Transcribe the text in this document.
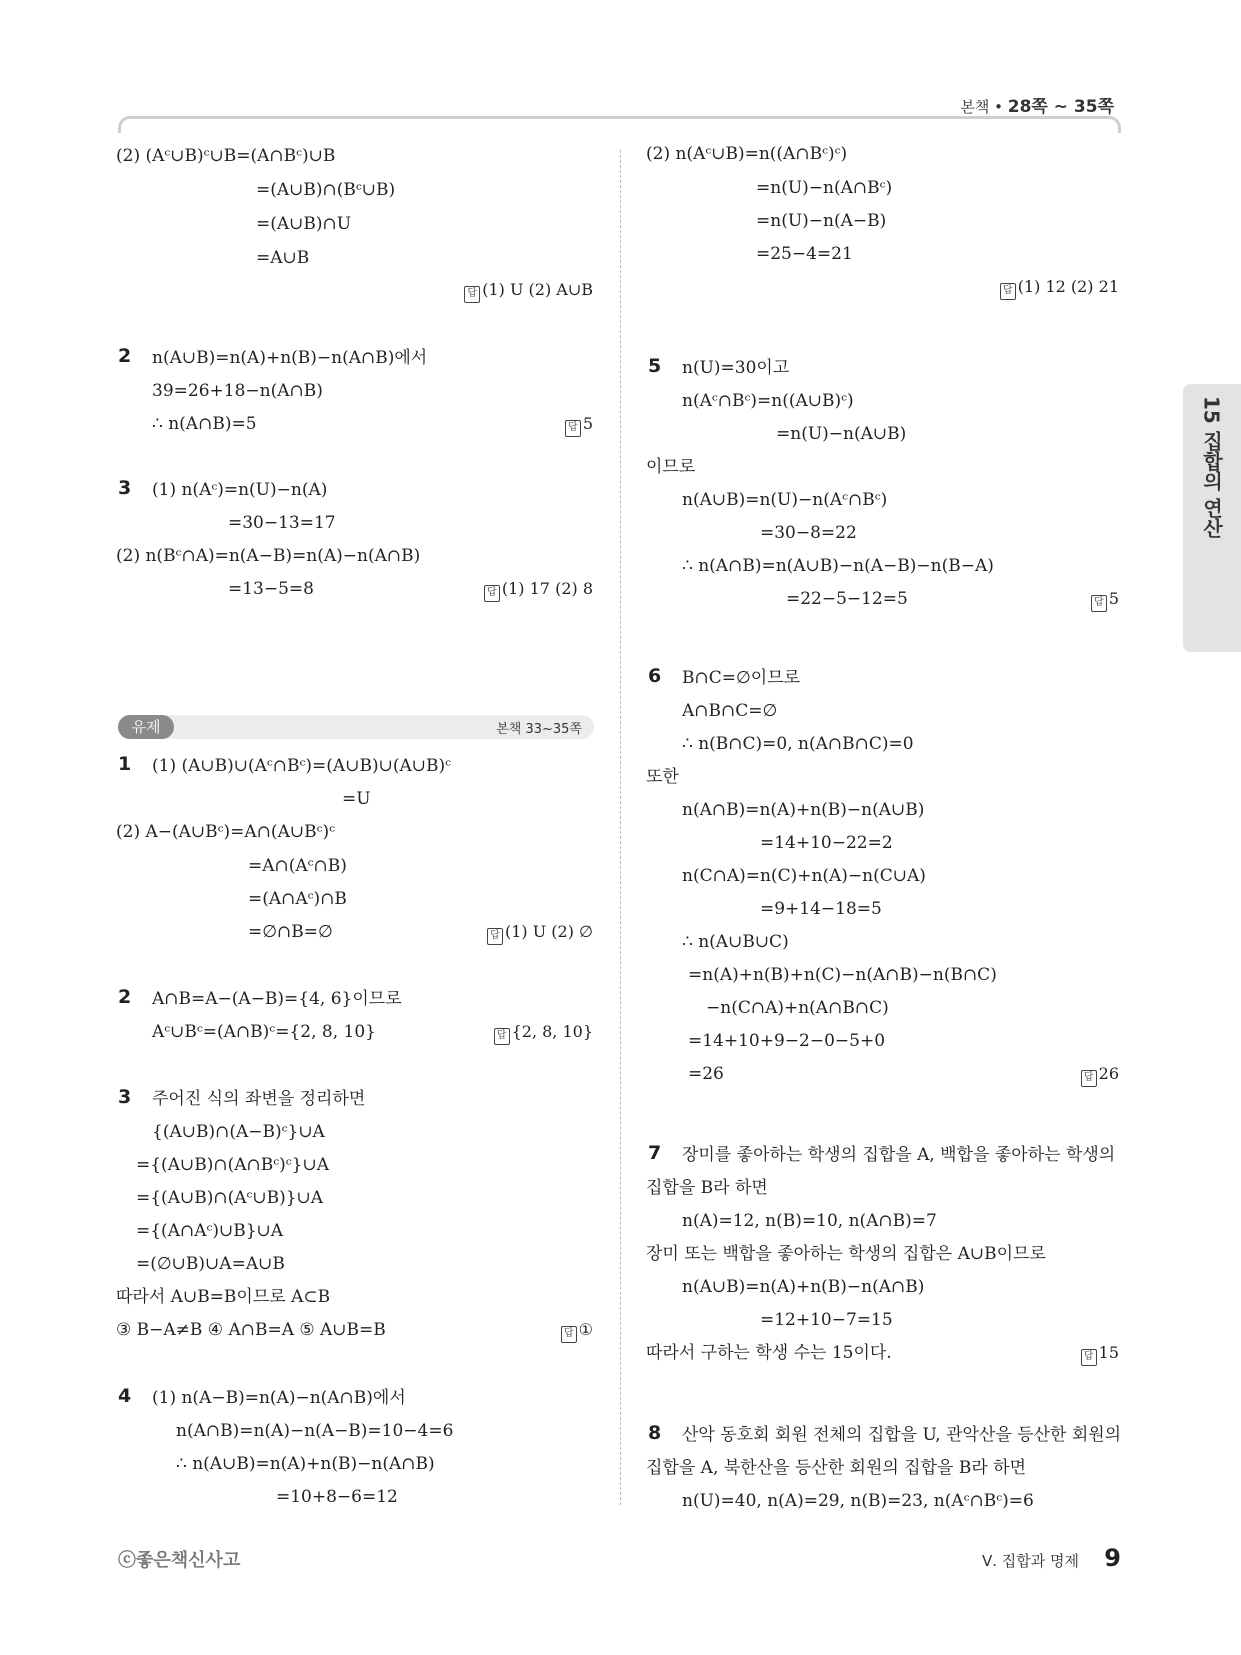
본책 • 28쪽 ~ 35쪽
15 집합의 연산
(2) (Aᶜ∪B)ᶜ∪B=(A∩Bᶜ)∪B
=(A∪B)∩(Bᶜ∪B)
=(A∪B)∩U
=A∪B
답 (1) U (2) A∪B
2 n(A∪B)=n(A)+n(B)−n(A∩B)에서
39=26+18−n(A∩B)
∴ n(A∩B)=5	답 5
3 (1) n(Aᶜ)=n(U)−n(A)
=30−13=17
(2) n(Bᶜ∩A)=n(A−B)=n(A)−n(A∩B)
=13−5=8	답 (1) 17 (2) 8
유제	본책 33~35쪽
1 (1) (A∪B)∪(Aᶜ∩Bᶜ)=(A∪B)∪(A∪B)ᶜ
=U
(2) A−(A∪Bᶜ)=A∩(A∪Bᶜ)ᶜ
=A∩(Aᶜ∩B)
=(A∩Aᶜ)∩B
=∅∩B=∅	답 (1) U (2) ∅
2 A∩B=A−(A−B)={4, 6}이므로
Aᶜ∪Bᶜ=(A∩B)ᶜ={2, 8, 10}	답 {2, 8, 10}
3 주어진 식의 좌변을 정리하면
{(A∪B)∩(A−B)ᶜ}∪A
={(A∪B)∩(A∩Bᶜ)ᶜ}∪A
={(A∪B)∩(Aᶜ∪B)}∪A
={(A∩Aᶜ)∪B}∪A
=(∅∪B)∪A=A∪B
따라서 A∪B=B이므로 A⊂B
③ B−A≠B ④ A∩B=A ⑤ A∪B=B	답 ①
4 (1) n(A−B)=n(A)−n(A∩B)에서
n(A∩B)=n(A)−n(A−B)=10−4=6
∴ n(A∪B)=n(A)+n(B)−n(A∩B)
=10+8−6=12
(2) n(Aᶜ∪B)=n((A∩Bᶜ)ᶜ)
=n(U)−n(A∩Bᶜ)
=n(U)−n(A−B)
=25−4=21
답 (1) 12 (2) 21
5 n(U)=30이고
n(Aᶜ∩Bᶜ)=n((A∪B)ᶜ)
=n(U)−n(A∪B)
이므로
n(A∪B)=n(U)−n(Aᶜ∩Bᶜ)
=30−8=22
∴ n(A∩B)=n(A∪B)−n(A−B)−n(B−A)
=22−5−12=5	답 5
6 B∩C=∅이므로
A∩B∩C=∅
∴ n(B∩C)=0, n(A∩B∩C)=0
또한
n(A∩B)=n(A)+n(B)−n(A∪B)
=14+10−22=2
n(C∩A)=n(C)+n(A)−n(C∪A)
=9+14−18=5
∴ n(A∪B∪C)
=n(A)+n(B)+n(C)−n(A∩B)−n(B∩C)
−n(C∩A)+n(A∩B∩C)
=14+10+9−2−0−5+0
=26	답 26
7 장미를 좋아하는 학생의 집합을 A, 백합을 좋아하는 학생의
집합을 B라 하면
n(A)=12, n(B)=10, n(A∩B)=7
장미 또는 백합을 좋아하는 학생의 집합은 A∪B이므로
n(A∪B)=n(A)+n(B)−n(A∩B)
=12+10−7=15
따라서 구하는 학생 수는 15이다.	답 15
8 산악 동호회 회원 전체의 집합을 U, 관악산을 등산한 회원의
집합을 A, 북한산을 등산한 회원의 집합을 B라 하면
n(U)=40, n(A)=29, n(B)=23, n(Aᶜ∩Bᶜ)=6
ⓒ좋은책신사고	Ⅴ. 집합과 명제 9
